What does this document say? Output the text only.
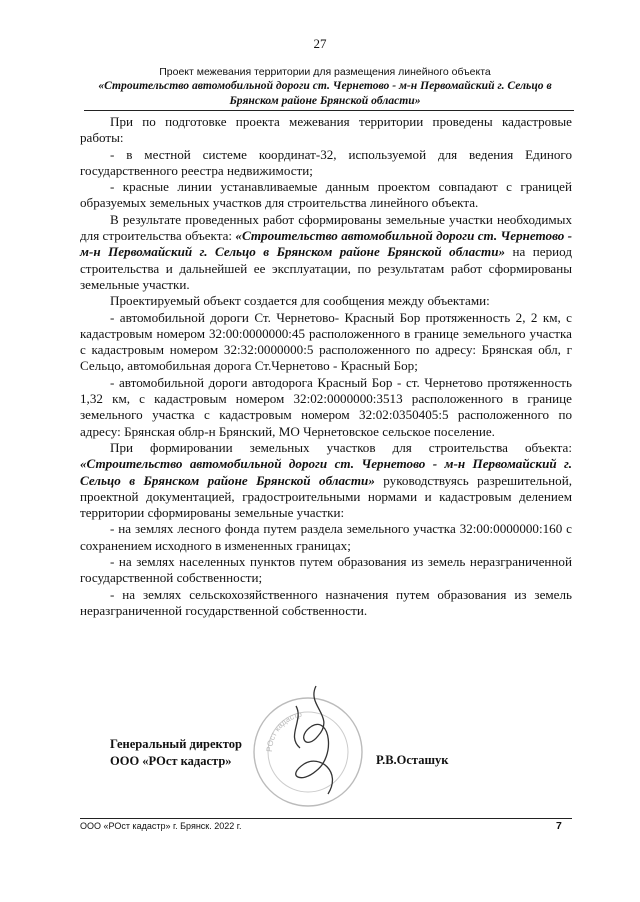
27
Проект межевания территории для размещения линейного объекта
«Строительство автомобильной дороги ст. Чернетово - м-н Первомайский г. Сельцо в
Брянском районе Брянской области»

При по подготовке проекта межевания территории проведены кадастровые работы:

- в местной системе координат-32, используемой для ведения Единого государственного реестра недвижимости;

- красные линии устанавливаемые данным проектом совпадают с границей образуемых земельных участков для строительства линейного объекта.

В результате проведенных работ сформированы земельные участки необходимых для строительства объекта: «Строительство автомобильной дороги ст. Чернетово - м-н Первомайский г. Сельцо в Брянском районе Брянской области» на период строительства и дальнейшей ее эксплуатации, по результатам работ сформированы земельные участки.

Проектируемый объект создается для сообщения между объектами:

- автомобильной дороги Ст. Чернетово- Красный Бор протяженность 2, 2 км, с кадастровым номером 32:00:0000000:45 расположенного в границе земельного участка с кадастровым номером 32:32:0000000:5 расположенного по адресу: Брянская обл, г Сельцо, автомобильная дорога Ст.Чернетово - Красный Бор;

- автомобильной дороги автодорога Красный Бор - ст. Чернетово протяженность 1,32 км, с кадастровым номером 32:02:0000000:3513 расположенного в границе земельного участка с кадастровым номером 32:02:0350405:5 расположенного по адресу: Брянская облр-н Брянский, МО Чернетовское сельское поселение.

При формировании земельных участков для строительства объекта: «Строительство автомобильной дороги ст. Чернетово - м-н Первомайский г. Сельцо в Брянском районе Брянской области» руководствуясь разрешительной, проектной документацией, градостроительными нормами и кадастровым делением территории сформированы земельные участки:

- на землях лесного фонда путем раздела земельного участка 32:00:0000000:160 с сохранением исходного в измененных границах;

- на землях населенных пунктов путем образования из земель неразграниченной государственной собственности;

- на землях сельскохозяйственного назначения путем образования из земель неразграниченной государственной собственности.

РОст кадастр
Генеральный директор
ООО «РОст кадастр»	Р.В.Осташук
ООО «РОст кадастр» г. Брянск. 2022 г.	7
